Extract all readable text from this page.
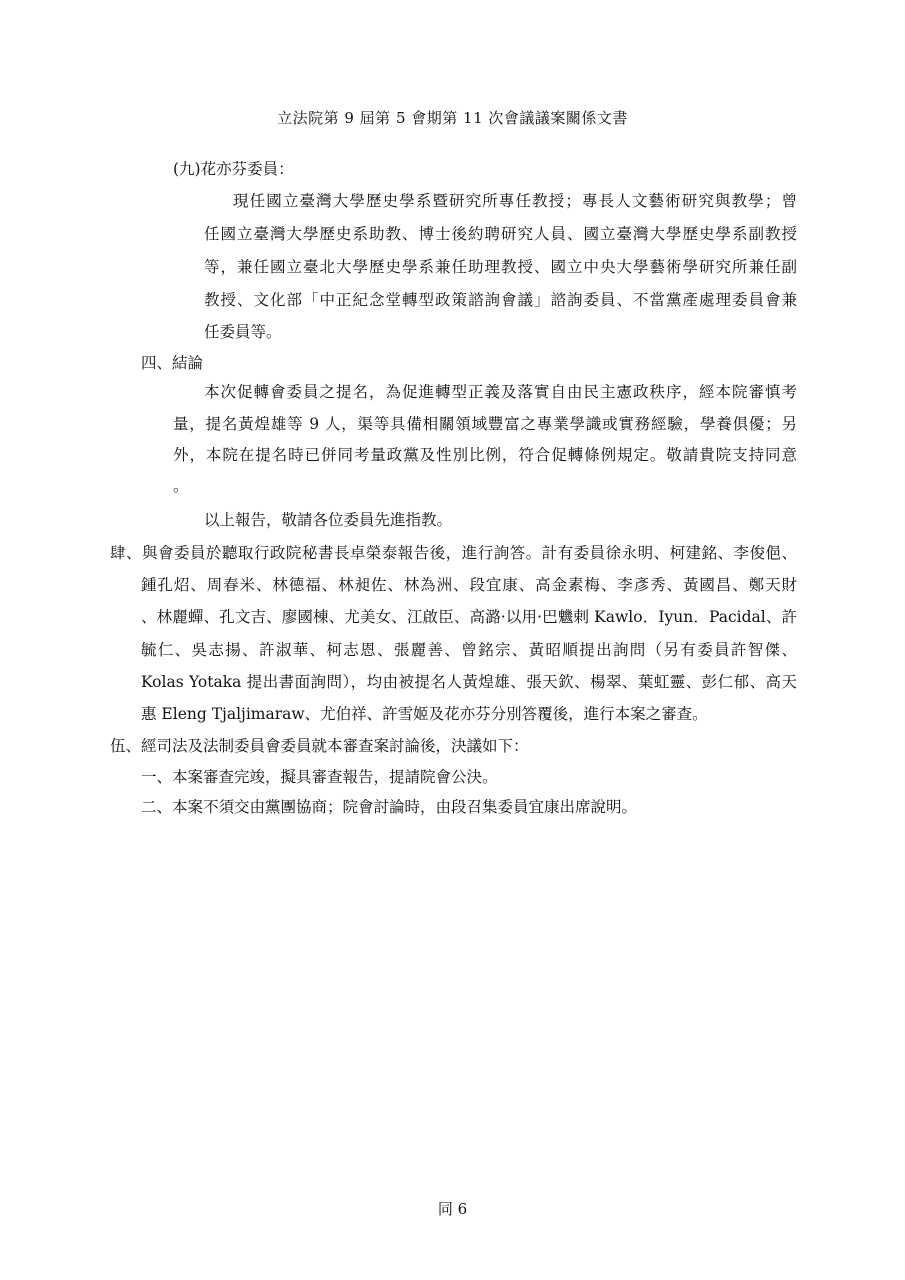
立法院第 9 屆第 5 會期第 11 次會議議案關係文書
(九)花亦芬委員：
現任國立臺灣大學歷史學系暨研究所專任教授；專長人文藝術研究與教學；曾
任國立臺灣大學歷史系助教、博士後約聘研究人員、國立臺灣大學歷史學系副教授
等，兼任國立臺北大學歷史學系兼任助理教授、國立中央大學藝術學研究所兼任副
教授、文化部「中正紀念堂轉型政策諮詢會議」諮詢委員、不當黨產處理委員會兼
任委員等。
四、結論
本次促轉會委員之提名，為促進轉型正義及落實自由民主憲政秩序，經本院審慎考
量，提名黃煌雄等 9 人，渠等具備相關領域豐富之專業學識或實務經驗，學養俱優；另
外，本院在提名時已併同考量政黨及性別比例，符合促轉條例規定。敬請貴院支持同意
。
以上報告，敬請各位委員先進指教。
肆、與會委員於聽取行政院秘書長卓榮泰報告後，進行詢答。計有委員徐永明、柯建銘、李俊俋、
鍾孔炤、周春米、林德福、林昶佐、林為洲、段宜康、高金素梅、李彥秀、黃國昌、鄭天財
、林麗蟬、孔文吉、廖國棟、尤美女、江啟臣、高潞·以用·巴魕剌 Kawlo．Iyun．Pacidal、許
毓仁、吳志揚、許淑華、柯志恩、張麗善、曾銘宗、黃昭順提出詢問（另有委員許智傑、
Kolas Yotaka 提出書面詢問），均由被提名人黃煌雄、張天欽、楊翠、葉虹靈、彭仁郁、高天
惠 Eleng Tjaljimaraw、尤伯祥、許雪姬及花亦芬分別答覆後，進行本案之審查。
伍、經司法及法制委員會委員就本審查案討論後，決議如下：
一、本案審查完竣，擬具審查報告，提請院會公決。
二、本案不須交由黨團協商；院會討論時，由段召集委員宜康出席說明。
同 6
